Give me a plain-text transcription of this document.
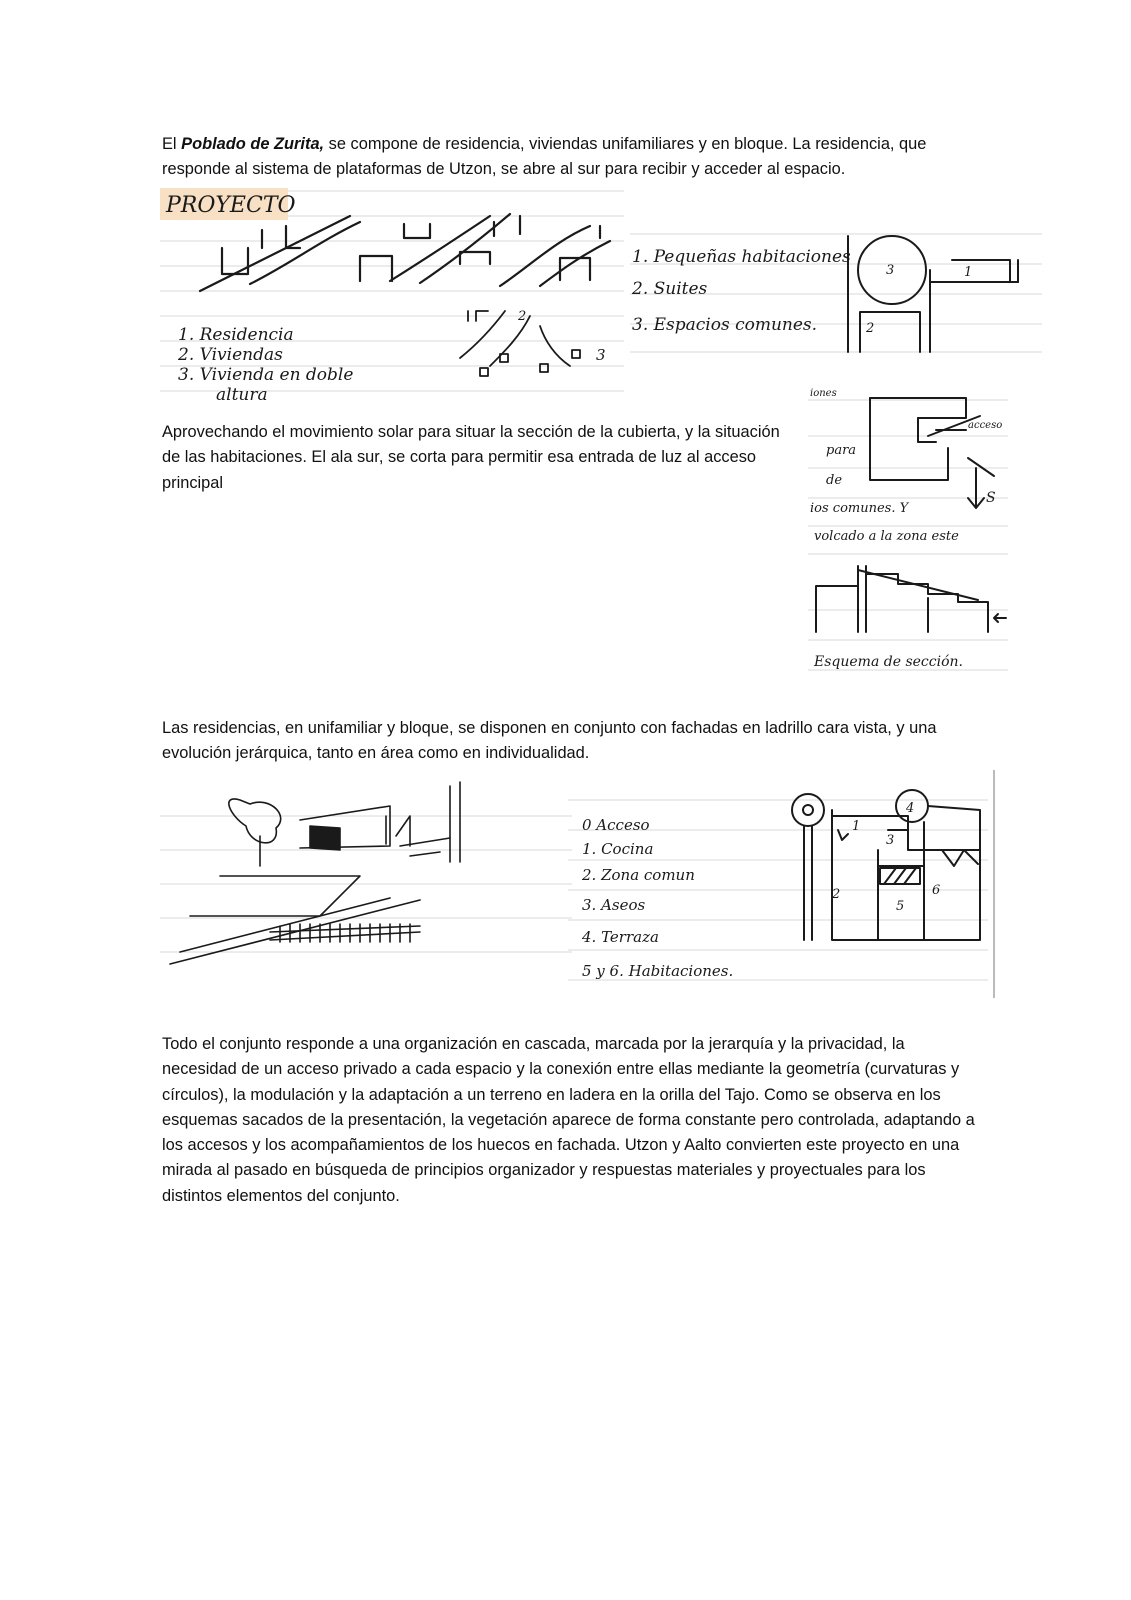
El Poblado de Zurita, se compone de residencia, viviendas unifamiliares y en bloque. La residencia, que responde al sistema de plataformas de Utzon, se abre al sur para recibir y acceder al espacio.

PROYECTO
2
3
1. Residencia
2. Viviendas
3. Vivienda en doble
altura
1. Pequeñas habitaciones
2. Suites
3. Espacios comunes.
3	1
2

Aprovechando el movimiento solar para situar la sección de la cubierta, y la situación de las habitaciones. El ala sur, se corta para permitir esa entrada de luz al acceso principal

iones
para
de
ios comunes. Y
volcado a la zona este
acceso
S
Esquema de sección.

Las residencias, en unifamiliar y bloque, se disponen en conjunto con fachadas en ladrillo cara vista, y una evolución jerárquica, tanto en área como en individualidad.

0 Acceso
1. Cocina
2. Zona comun
3. Aseos
4. Terraza
5 y 6. Habitaciones.
4
1
3
2
5
6

Todo el conjunto responde a una organización en cascada, marcada por la jerarquía y la privacidad, la necesidad de un acceso privado a cada espacio y la conexión entre ellas mediante la geometría (curvaturas y círculos), la modulación y la adaptación a un terreno en ladera en la orilla del Tajo. Como se observa en los esquemas sacados de la presentación, la vegetación aparece de forma constante pero controlada, adaptando a los accesos y los acompañamientos de los huecos en fachada. Utzon y Aalto convierten este proyecto en una mirada al pasado en búsqueda de principios organizador y respuestas materiales y proyectuales para los distintos elementos del conjunto.
